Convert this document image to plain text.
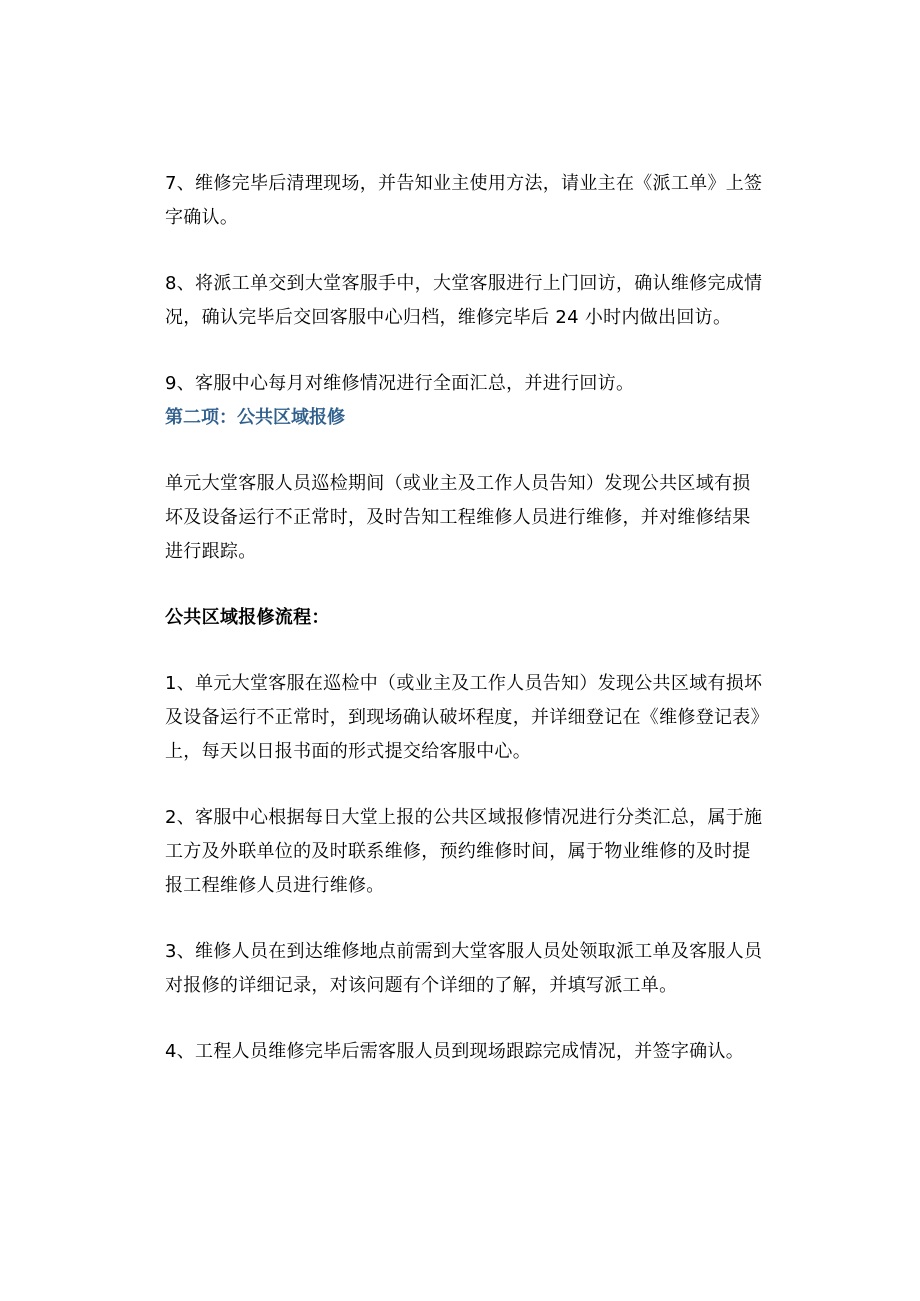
7、维修完毕后清理现场，并告知业主使用方法，请业主在《派工单》上签字确认。

8、将派工单交到大堂客服手中，大堂客服进行上门回访，确认维修完成情况，确认完毕后交回客服中心归档，维修完毕后 24 小时内做出回访。

9、客服中心每月对维修情况进行全面汇总，并进行回访。

第二项：公共区域报修

单元大堂客服人员巡检期间（或业主及工作人员告知）发现公共区域有损坏及设备运行不正常时，及时告知工程维修人员进行维修，并对维修结果进行跟踪。

公共区域报修流程：

1、单元大堂客服在巡检中（或业主及工作人员告知）发现公共区域有损坏及设备运行不正常时，到现场确认破坏程度，并详细登记在《维修登记表》上，每天以日报书面的形式提交给客服中心。

2、客服中心根据每日大堂上报的公共区域报修情况进行分类汇总，属于施工方及外联单位的及时联系维修，预约维修时间，属于物业维修的及时提报工程维修人员进行维修。

3、维修人员在到达维修地点前需到大堂客服人员处领取派工单及客服人员对报修的详细记录，对该问题有个详细的了解，并填写派工单。

4、工程人员维修完毕后需客服人员到现场跟踪完成情况，并签字确认。
